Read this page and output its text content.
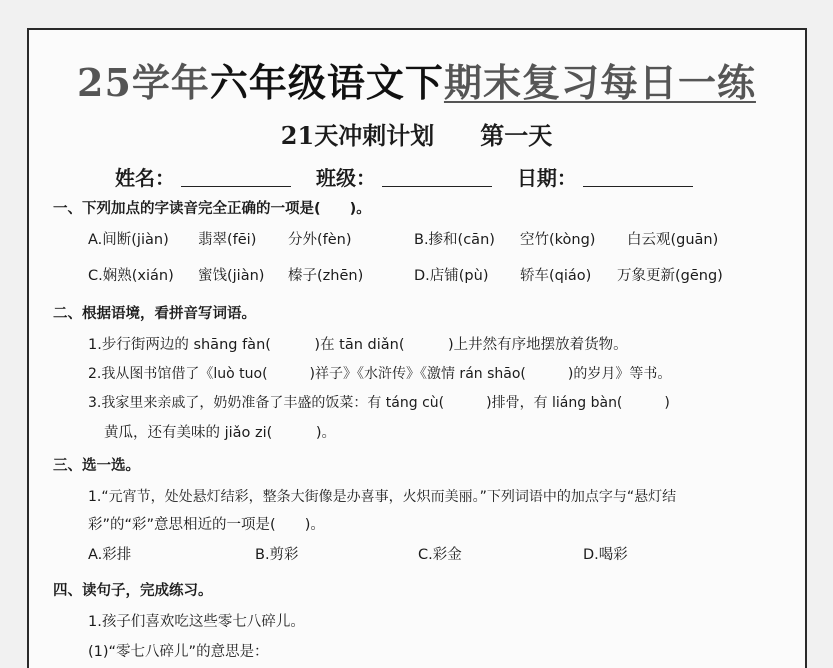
25学年六年级语文下期末复习每日一练
21天冲刺计划 第一天
姓名：	班级：	日期：
一、下列加点的字读音完全正确的一项是(　　)。
A.间断(jiàn) 翡翠(fēi) 分外(fèn)	B.掺和(cān) 空竹(kòng) 白云观(guān)
C.娴熟(xián) 蜜饯(jiàn) 榛子(zhēn)	D.店铺(pù) 轿车(qiáo) 万象更新(gēng)
二、根据语境，看拼音写词语。
1.步行街两边的 shāng fàn(　　　)在 tān diǎn(　　　)上井然有序地摆放着货物。
2.我从图书馆借了《luò tuo(　　　)祥子》《水浒传》《激情 rán shāo(　　　)的岁月》等书。
3.我家里来亲戚了，奶奶准备了丰盛的饭菜：有 táng cù(　　　)排骨，有 liáng bàn(　　　)
黄瓜，还有美味的 jiǎo zi(　　　)。
三、选一选。
1.“元宵节，处处悬灯结彩，整条大街像是办喜事，火炽而美丽。”下列词语中的加点字与“悬灯结
彩”的“彩”意思相近的一项是(　　)。
A.彩排	B.剪彩	C.彩金	D.喝彩
四、读句子，完成练习。
1.孩子们喜欢吃这些零七八碎儿。
(1)“零七八碎儿”的意思是：
